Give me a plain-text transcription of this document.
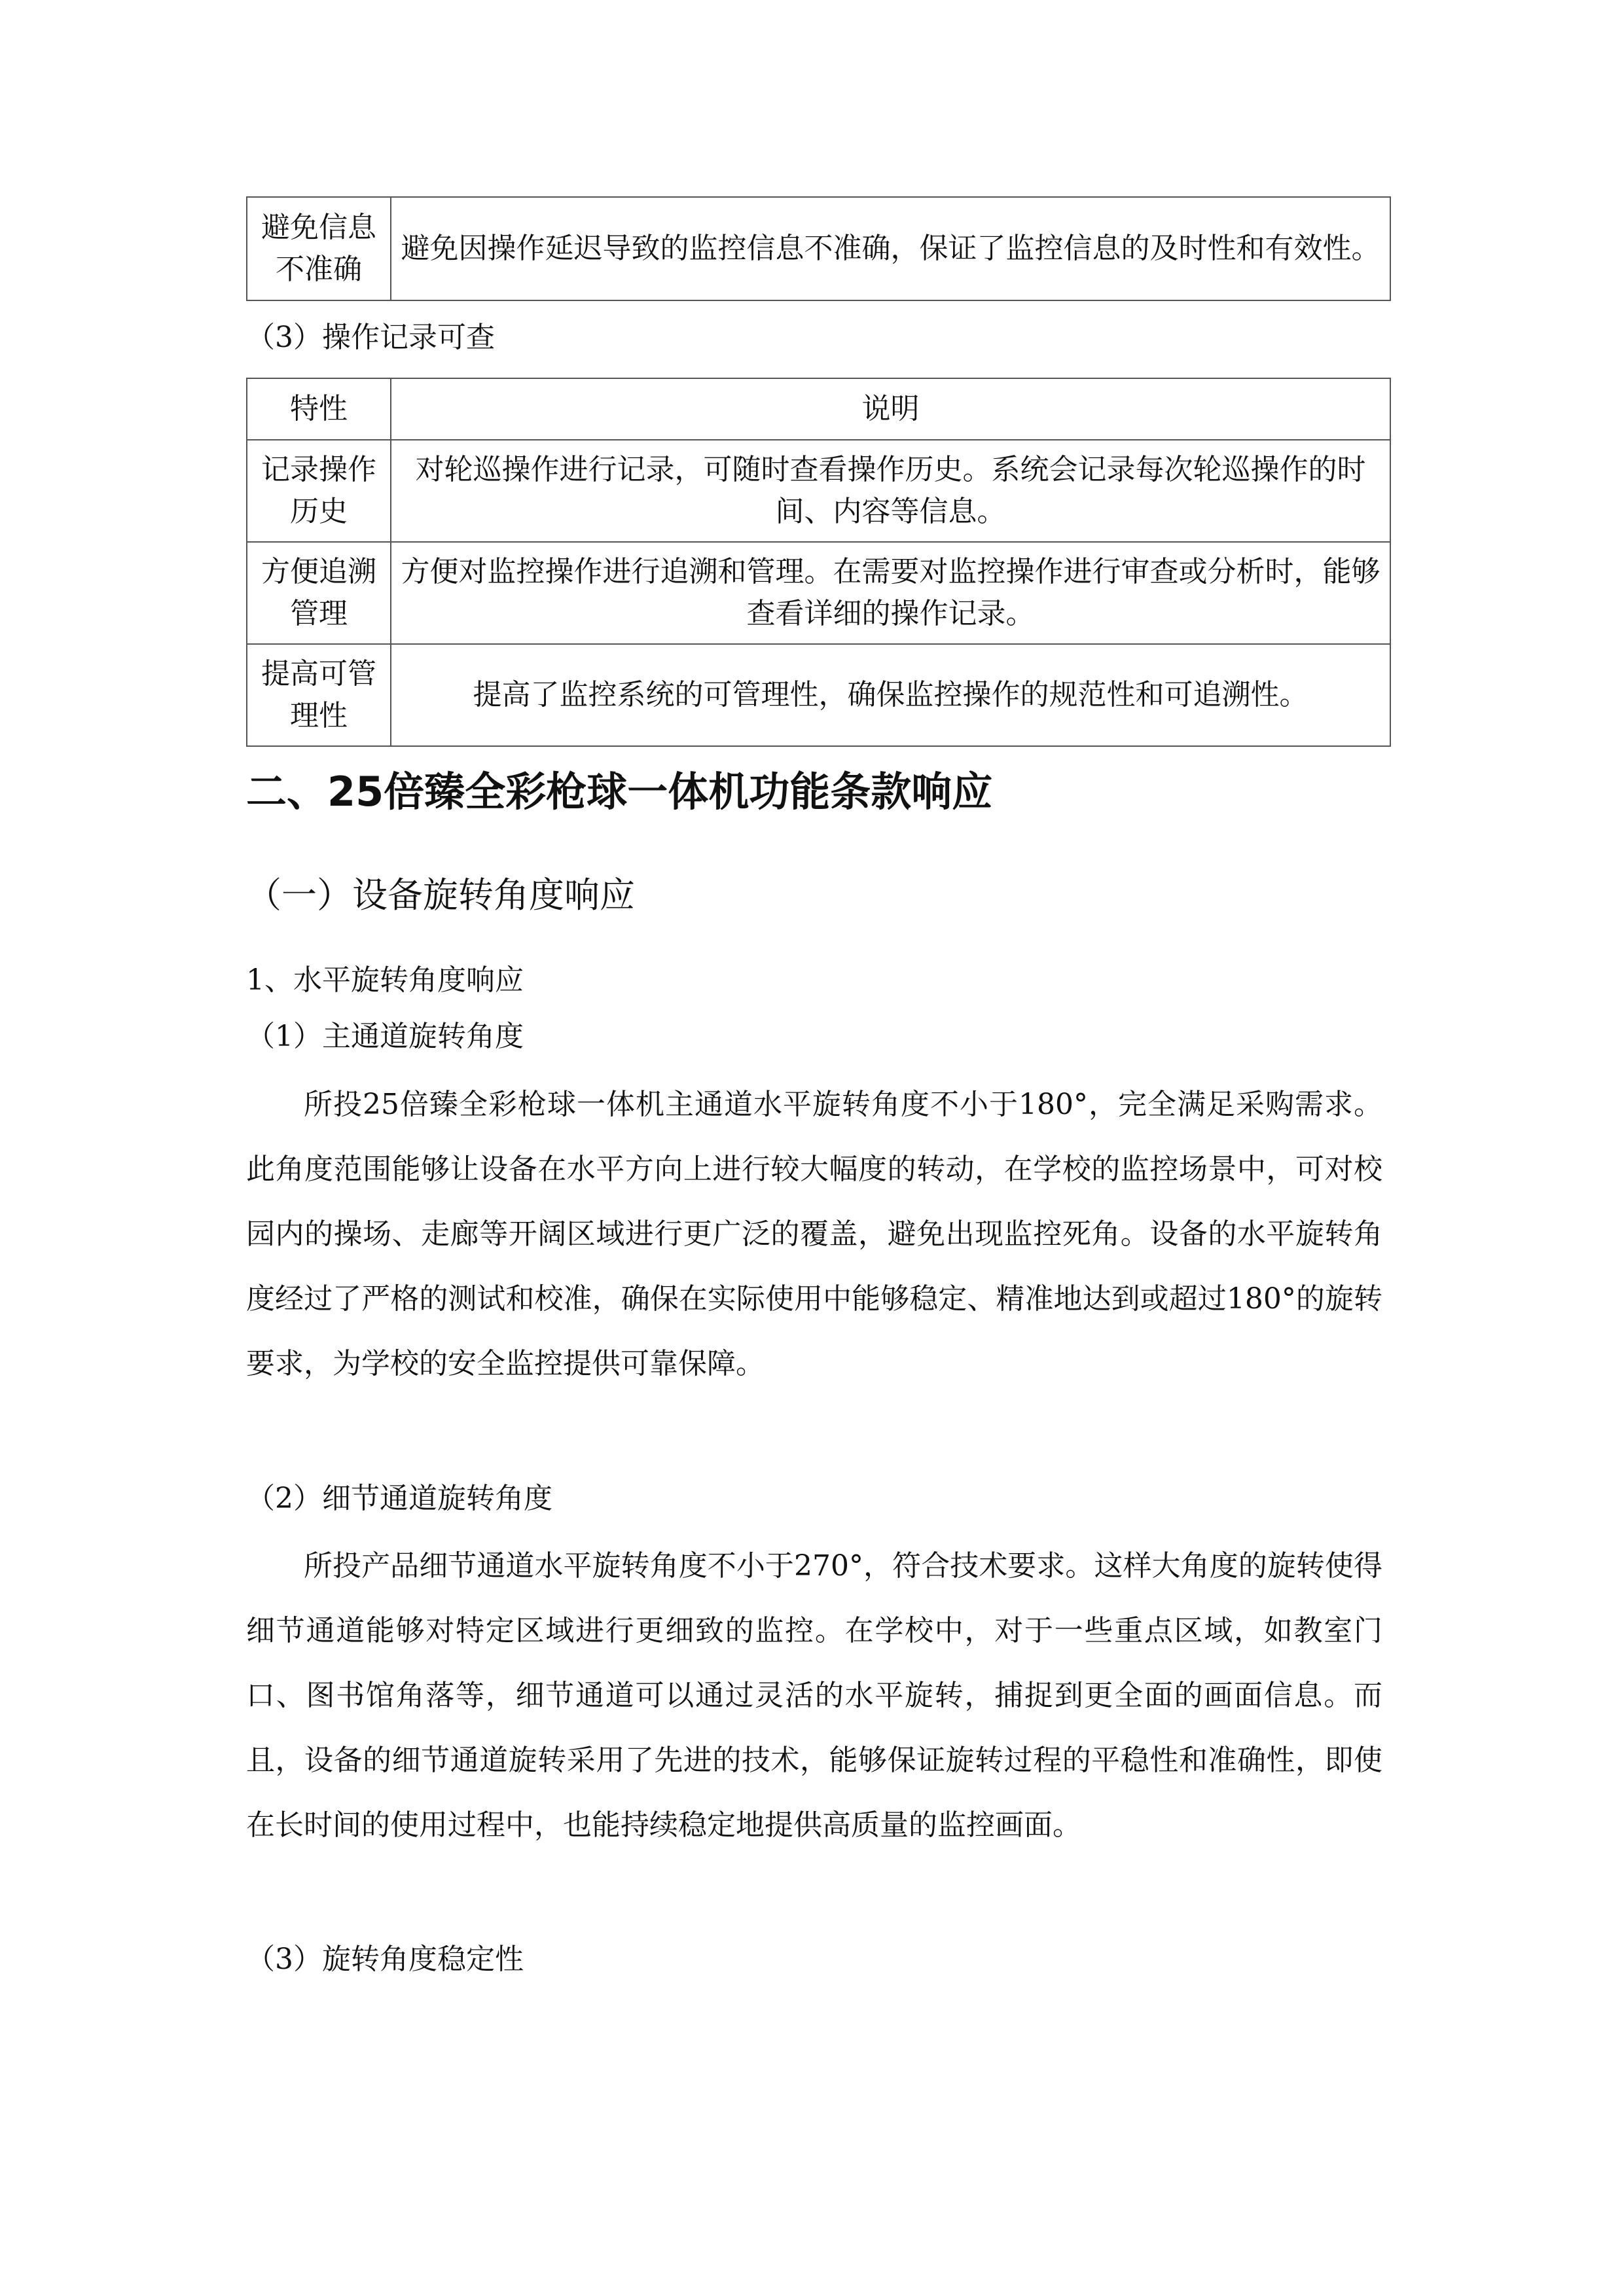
避免信息不准确	避免因操作延迟导致的监控信息不准确，保证了监控信息的及时性和有效性。
（3）操作记录可查
特性	说明
记录操作历史	对轮巡操作进行记录，可随时查看操作历史。系统会记录每次轮巡操作的时间、内容等信息。
方便追溯管理	方便对监控操作进行追溯和管理。在需要对监控操作进行审查或分析时，能够查看详细的操作记录。
提高可管理性	提高了监控系统的可管理性，确保监控操作的规范性和可追溯性。
二、25倍臻全彩枪球一体机功能条款响应
（一）设备旋转角度响应
1、水平旋转角度响应
（1）主通道旋转角度
所投25倍臻全彩枪球一体机主通道水平旋转角度不小于180°，完全满足采购需求。此角度范围能够让设备在水平方向上进行较大幅度的转动，在学校的监控场景中，可对校园内的操场、走廊等开阔区域进行更广泛的覆盖，避免出现监控死角。设备的水平旋转角度经过了严格的测试和校准，确保在实际使用中能够稳定、精准地达到或超过180°的旋转要求，为学校的安全监控提供可靠保障。
（2）细节通道旋转角度
所投产品细节通道水平旋转角度不小于270°，符合技术要求。这样大角度的旋转使得细节通道能够对特定区域进行更细致的监控。在学校中，对于一些重点区域，如教室门口、图书馆角落等，细节通道可以通过灵活的水平旋转，捕捉到更全面的画面信息。而且，设备的细节通道旋转采用了先进的技术，能够保证旋转过程的平稳性和准确性，即使在长时间的使用过程中，也能持续稳定地提供高质量的监控画面。
（3）旋转角度稳定性
